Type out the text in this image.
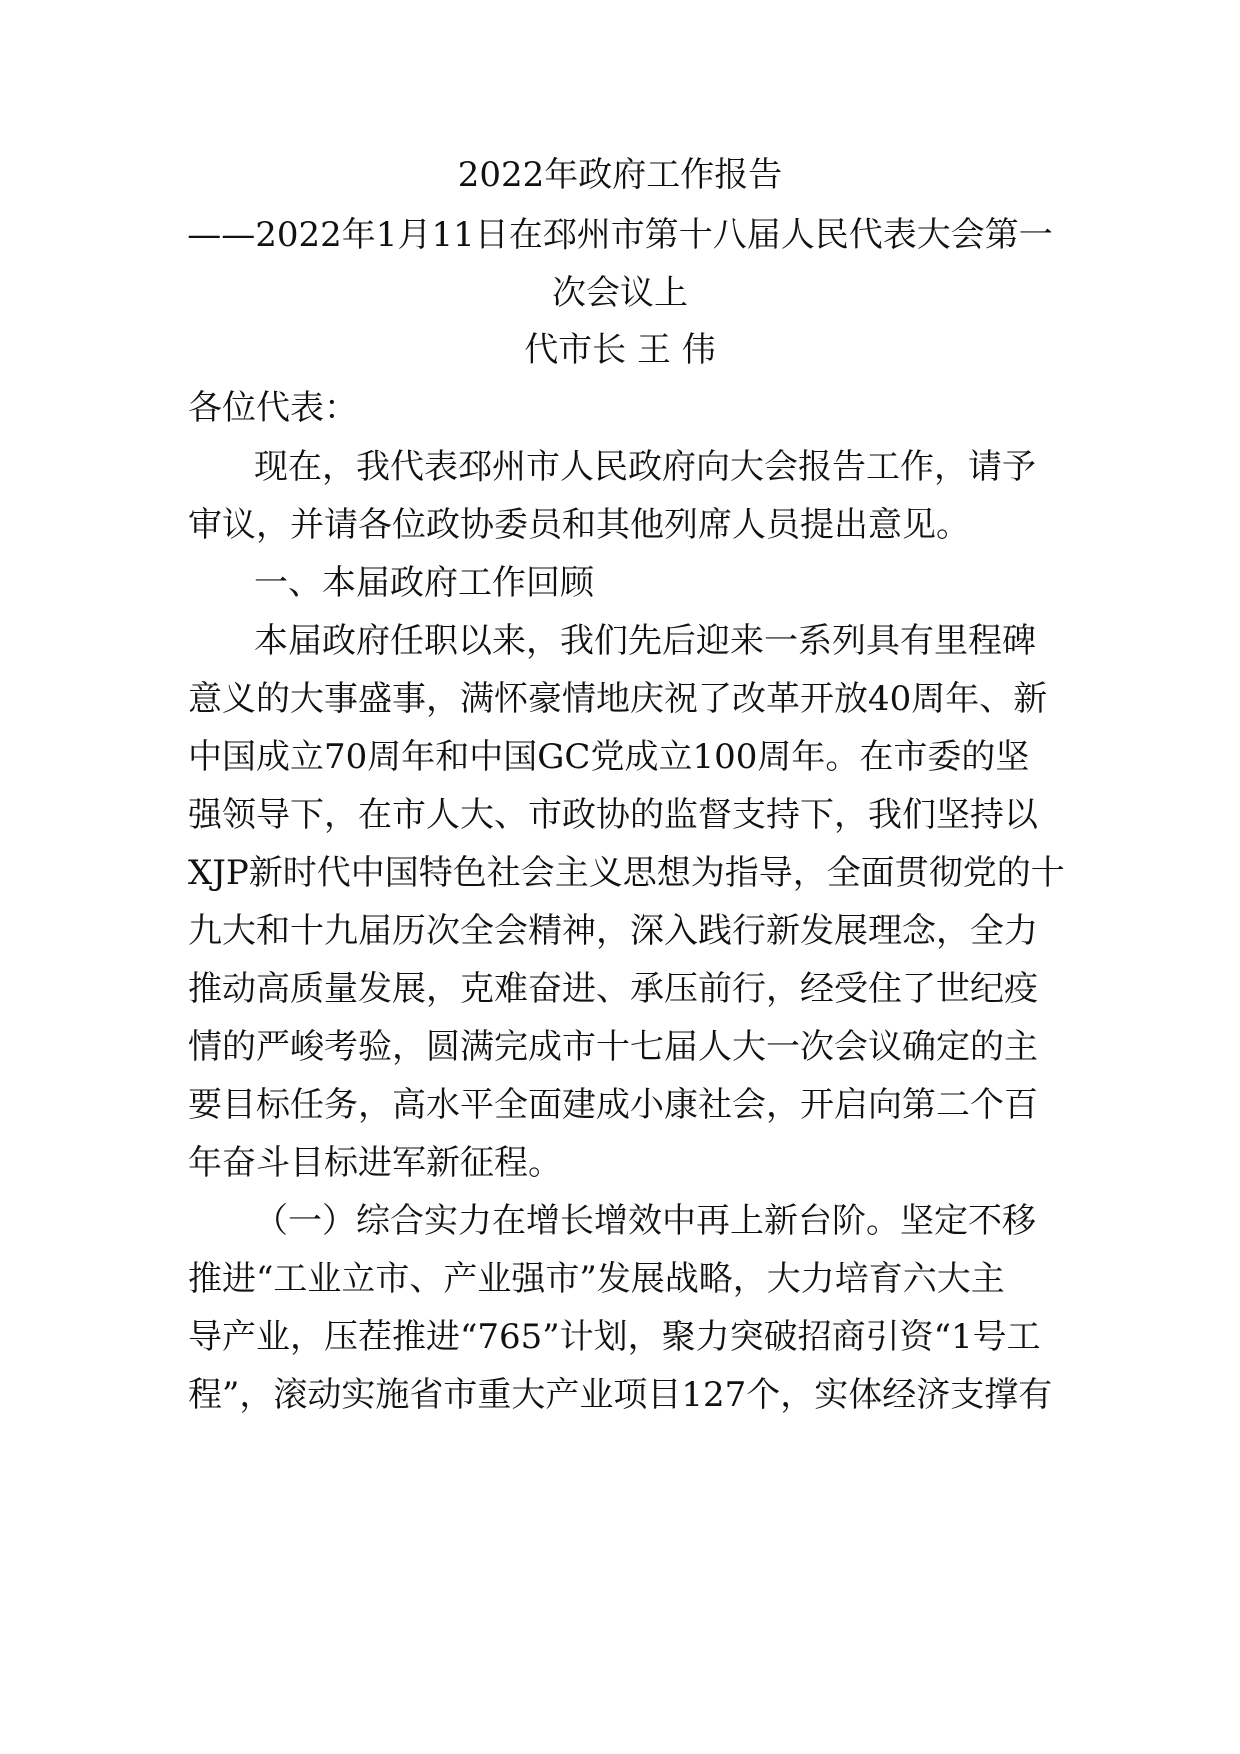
2022年政府工作报告
——2022年1月11日在邳州市第十八届人民代表大会第一
次会议上
代市长 王 伟
各位代表：
现在，我代表邳州市人民政府向大会报告工作，请予
审议，并请各位政协委员和其他列席人员提出意见。
一、本届政府工作回顾
本届政府任职以来，我们先后迎来一系列具有里程碑
意义的大事盛事，满怀豪情地庆祝了改革开放40周年、新
中国成立70周年和中国GC党成立100周年。在市委的坚
强领导下，在市人大、市政协的监督支持下，我们坚持以
XJP新时代中国特色社会主义思想为指导，全面贯彻党的十
九大和十九届历次全会精神，深入践行新发展理念，全力
推动高质量发展，克难奋进、承压前行，经受住了世纪疫
情的严峻考验，圆满完成市十七届人大一次会议确定的主
要目标任务，高水平全面建成小康社会，开启向第二个百
年奋斗目标进军新征程。
（一）综合实力在增长增效中再上新台阶。坚定不移
推进“工业立市、产业强市”发展战略，大力培育六大主
导产业，压茬推进“765”计划，聚力突破招商引资“1号工
程”，滚动实施省市重大产业项目127个，实体经济支撑有
